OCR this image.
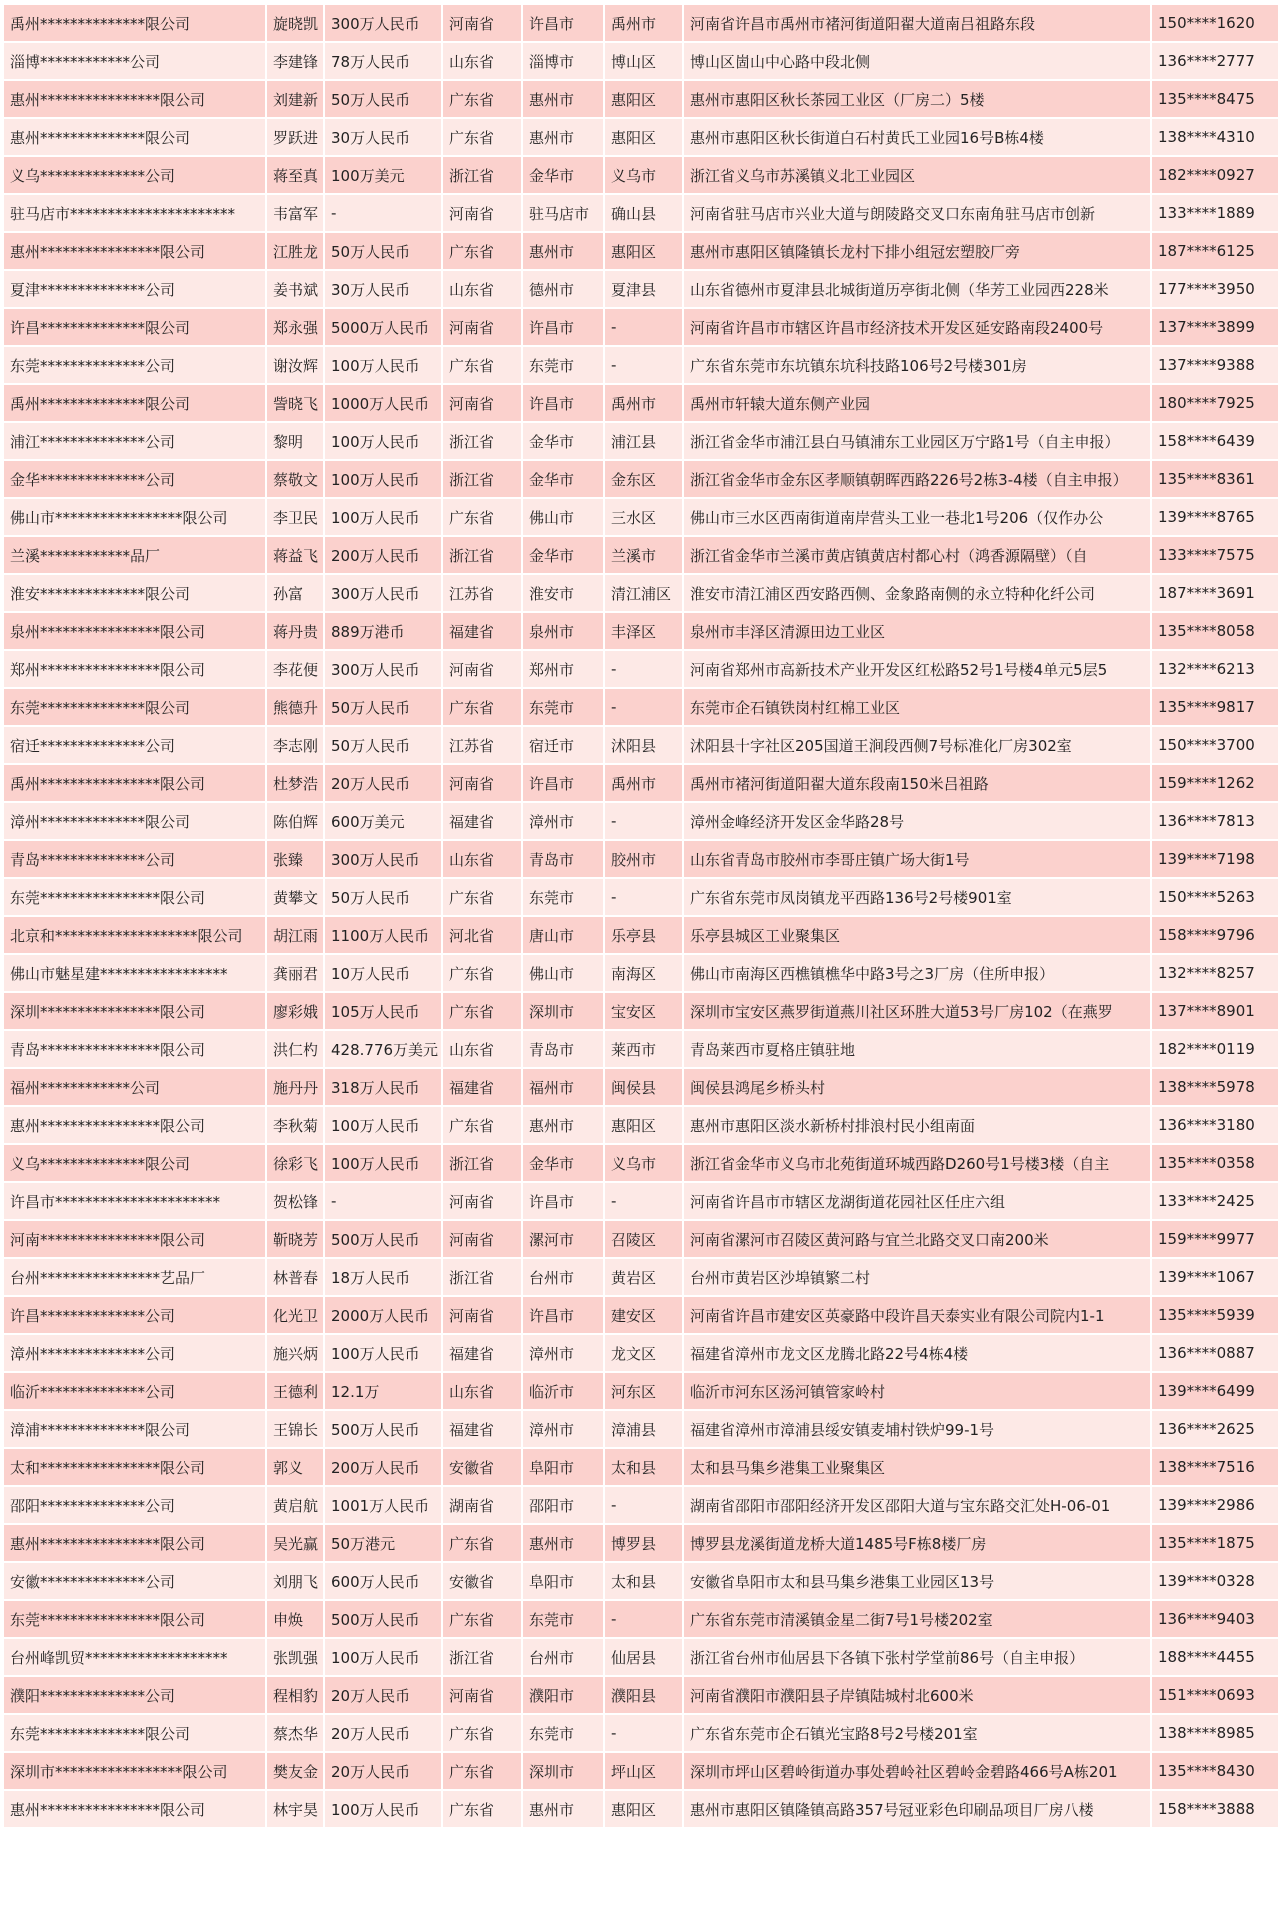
禹州**************限公司	旋晓凯	300万人民币	河南省	许昌市	禹州市	河南省许昌市禹州市褚河街道阳翟大道南吕祖路东段	150****1620
淄博************公司	李建锋	78万人民币	山东省	淄博市	博山区	博山区崮山中心路中段北侧	136****2777
惠州****************限公司	刘建新	50万人民币	广东省	惠州市	惠阳区	惠州市惠阳区秋长茶园工业区（厂房二）5楼	135****8475
惠州**************限公司	罗跃进	30万人民币	广东省	惠州市	惠阳区	惠州市惠阳区秋长街道白石村黄氏工业园16号B栋4楼	138****4310
义乌**************公司	蒋至真	100万美元	浙江省	金华市	义乌市	浙江省义乌市苏溪镇义北工业园区	182****0927
驻马店市**********************	韦富军	-	河南省	驻马店市	确山县	河南省驻马店市兴业大道与朗陵路交叉口东南角驻马店市创新	133****1889
惠州****************限公司	江胜龙	50万人民币	广东省	惠州市	惠阳区	惠州市惠阳区镇隆镇长龙村下排小组冠宏塑胶厂旁	187****6125
夏津**************公司	姜书斌	30万人民币	山东省	德州市	夏津县	山东省德州市夏津县北城街道历亭街北侧（华芳工业园西228米	177****3950
许昌**************限公司	郑永强	5000万人民币	河南省	许昌市	-	河南省许昌市市辖区许昌市经济技术开发区延安路南段2400号	137****3899
东莞**************公司	谢汝辉	100万人民币	广东省	东莞市	-	广东省东莞市东坑镇东坑科技路106号2号楼301房	137****9388
禹州**************限公司	訾晓飞	1000万人民币	河南省	许昌市	禹州市	禹州市轩辕大道东侧产业园	180****7925
浦江**************公司	黎明	100万人民币	浙江省	金华市	浦江县	浙江省金华市浦江县白马镇浦东工业园区万宁路1号（自主申报）	158****6439
金华**************公司	蔡敬文	100万人民币	浙江省	金华市	金东区	浙江省金华市金东区孝顺镇朝晖西路226号2栋3-4楼（自主申报）	135****8361
佛山市*****************限公司	李卫民	100万人民币	广东省	佛山市	三水区	佛山市三水区西南街道南岸营头工业一巷北1号206（仅作办公	139****8765
兰溪************品厂	蒋益飞	200万人民币	浙江省	金华市	兰溪市	浙江省金华市兰溪市黄店镇黄店村都心村（鸿香源隔壁）（自	133****7575
淮安**************限公司	孙富	300万人民币	江苏省	淮安市	清江浦区	淮安市清江浦区西安路西侧、金象路南侧的永立特种化纤公司	187****3691
泉州****************限公司	蒋丹贵	889万港币	福建省	泉州市	丰泽区	泉州市丰泽区清源田边工业区	135****8058
郑州****************限公司	李花便	300万人民币	河南省	郑州市	-	河南省郑州市高新技术产业开发区红松路52号1号楼4单元5层5	132****6213
东莞**************限公司	熊德升	50万人民币	广东省	东莞市	-	东莞市企石镇铁岗村红棉工业区	135****9817
宿迁**************公司	李志刚	50万人民币	江苏省	宿迁市	沭阳县	沭阳县十字社区205国道王涧段西侧7号标准化厂房302室	150****3700
禹州****************限公司	杜梦浩	20万人民币	河南省	许昌市	禹州市	禹州市褚河街道阳翟大道东段南150米吕祖路	159****1262
漳州**************限公司	陈伯辉	600万美元	福建省	漳州市	-	漳州金峰经济开发区金华路28号	136****7813
青岛**************公司	张臻	300万人民币	山东省	青岛市	胶州市	山东省青岛市胶州市李哥庄镇广场大街1号	139****7198
东莞****************限公司	黄攀文	50万人民币	广东省	东莞市	-	广东省东莞市凤岗镇龙平西路136号2号楼901室	150****5263
北京和*******************限公司	胡江雨	1100万人民币	河北省	唐山市	乐亭县	乐亭县城区工业聚集区	158****9796
佛山市魅星建*****************	龚丽君	10万人民币	广东省	佛山市	南海区	佛山市南海区西樵镇樵华中路3号之3厂房（住所申报）	132****8257
深圳****************限公司	廖彩娥	105万人民币	广东省	深圳市	宝安区	深圳市宝安区燕罗街道燕川社区环胜大道53号厂房102（在燕罗	137****8901
青岛****************限公司	洪仁杓	428.776万美元	山东省	青岛市	莱西市	青岛莱西市夏格庄镇驻地	182****0119
福州************公司	施丹丹	318万人民币	福建省	福州市	闽侯县	闽侯县鸿尾乡桥头村	138****5978
惠州****************限公司	李秋菊	100万人民币	广东省	惠州市	惠阳区	惠州市惠阳区淡水新桥村排浪村民小组南面	136****3180
义乌**************限公司	徐彩飞	100万人民币	浙江省	金华市	义乌市	浙江省金华市义乌市北苑街道环城西路D260号1号楼3楼（自主	135****0358
许昌市**********************	贺松锋	-	河南省	许昌市	-	河南省许昌市市辖区龙湖街道花园社区任庄六组	133****2425
河南****************限公司	靳晓芳	500万人民币	河南省	漯河市	召陵区	河南省漯河市召陵区黄河路与宜兰北路交叉口南200米	159****9977
台州****************艺品厂	林普春	18万人民币	浙江省	台州市	黄岩区	台州市黄岩区沙埠镇繁二村	139****1067
许昌**************公司	化光卫	2000万人民币	河南省	许昌市	建安区	河南省许昌市建安区英豪路中段许昌天泰实业有限公司院内1-1	135****5939
漳州**************公司	施兴炳	100万人民币	福建省	漳州市	龙文区	福建省漳州市龙文区龙腾北路22号4栋4楼	136****0887
临沂**************公司	王德利	12.1万	山东省	临沂市	河东区	临沂市河东区汤河镇管家岭村	139****6499
漳浦**************限公司	王锦长	500万人民币	福建省	漳州市	漳浦县	福建省漳州市漳浦县绥安镇麦埔村铁炉99-1号	136****2625
太和****************限公司	郭义	200万人民币	安徽省	阜阳市	太和县	太和县马集乡港集工业聚集区	138****7516
邵阳**************公司	黄启航	1001万人民币	湖南省	邵阳市	-	湖南省邵阳市邵阳经济开发区邵阳大道与宝东路交汇处H-06-01	139****2986
惠州****************限公司	吴光赢	50万港元	广东省	惠州市	博罗县	博罗县龙溪街道龙桥大道1485号F栋8楼厂房	135****1875
安徽**************公司	刘朋飞	600万人民币	安徽省	阜阳市	太和县	安徽省阜阳市太和县马集乡港集工业园区13号	139****0328
东莞****************限公司	申焕	500万人民币	广东省	东莞市	-	广东省东莞市清溪镇金星二街7号1号楼202室	136****9403
台州峰凯贸*******************	张凯强	100万人民币	浙江省	台州市	仙居县	浙江省台州市仙居县下各镇下张村学堂前86号（自主申报）	188****4455
濮阳**************公司	程相豹	20万人民币	河南省	濮阳市	濮阳县	河南省濮阳市濮阳县子岸镇陆城村北600米	151****0693
东莞**************限公司	蔡杰华	20万人民币	广东省	东莞市	-	广东省东莞市企石镇光宝路8号2号楼201室	138****8985
深圳市*****************限公司	樊友金	20万人民币	广东省	深圳市	坪山区	深圳市坪山区碧岭街道办事处碧岭社区碧岭金碧路466号A栋201	135****8430
惠州****************限公司	林宇昊	100万人民币	广东省	惠州市	惠阳区	惠州市惠阳区镇隆镇高路357号冠亚彩色印刷品项目厂房八楼	158****3888
